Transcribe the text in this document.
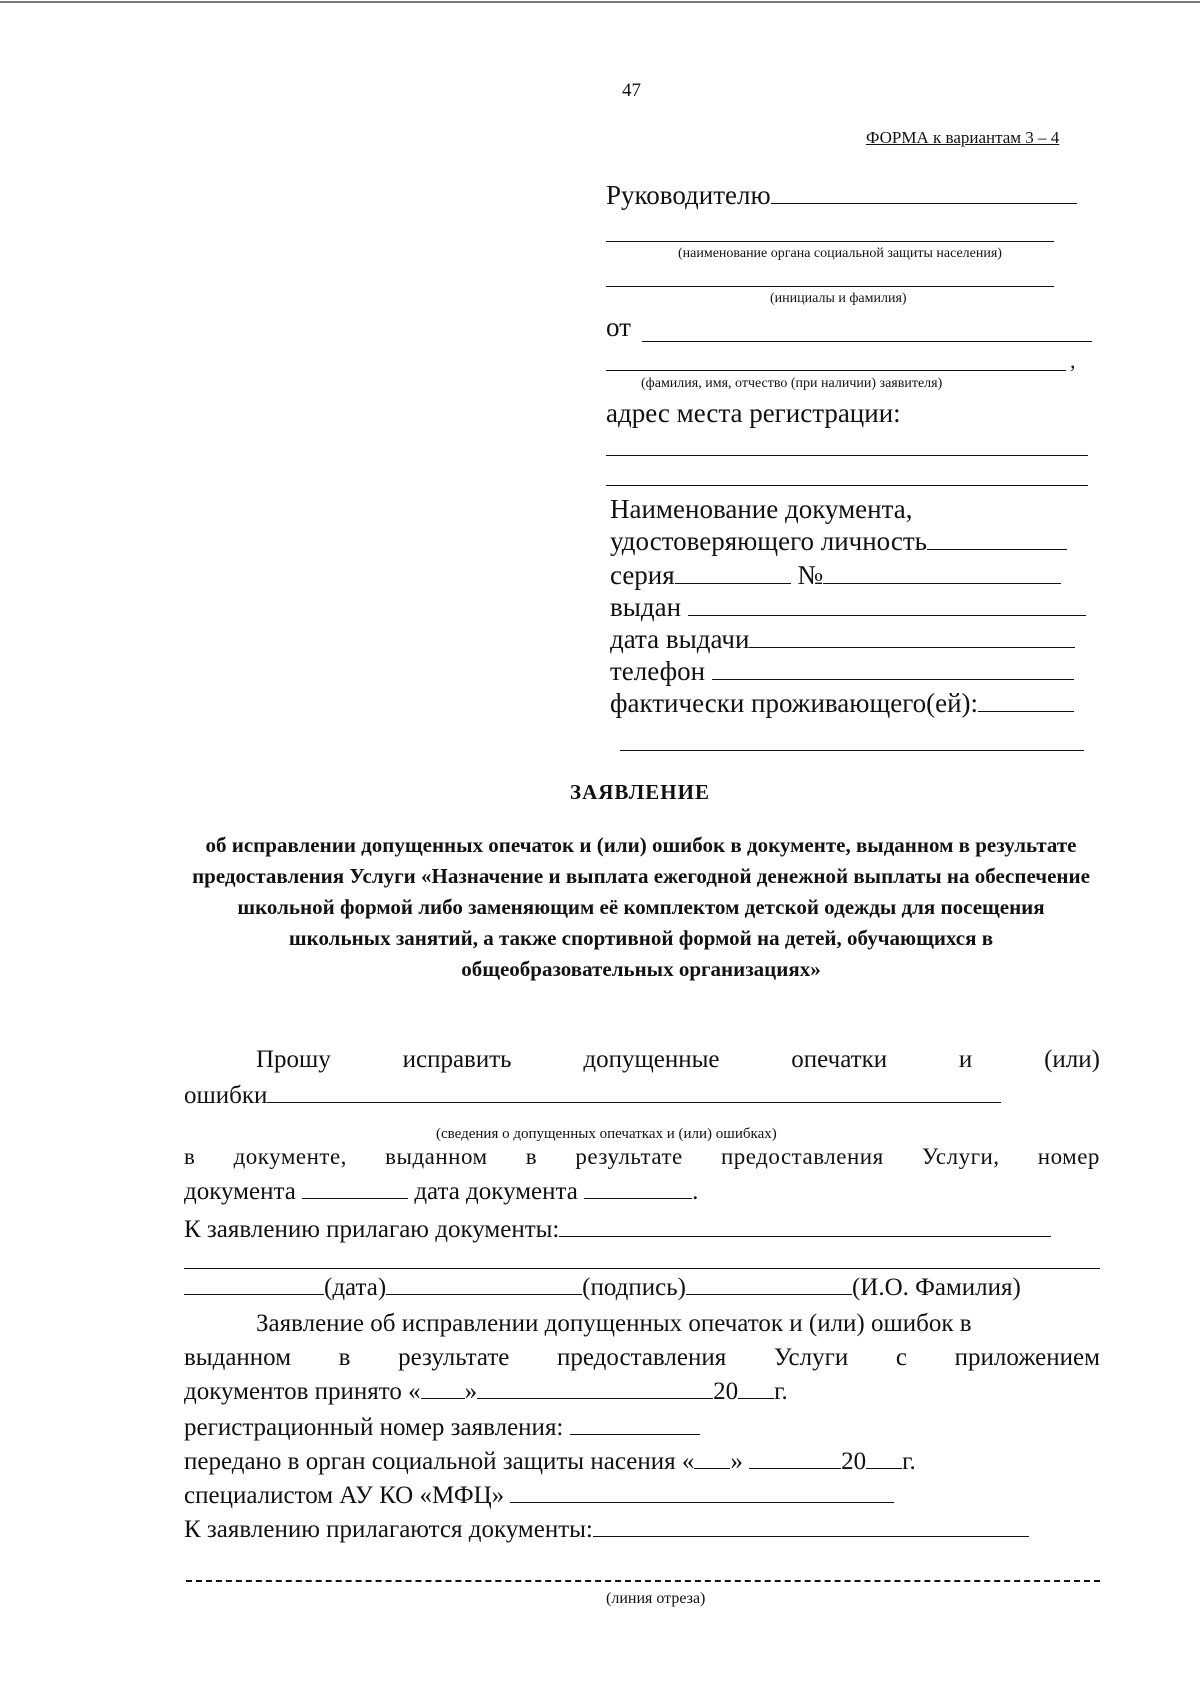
47
ФОРМА к вариантам 3 – 4
Руководителю
(наименование органа социальной защиты населения)
(инициалы и фамилия)
от
,
(фамилия, имя, отчество (при наличии) заявителя)
адрес места регистрации:
Наименование документа,
удостоверяющего личность
серия	№
выдан
дата выдачи
телефон
фактически проживающего(ей):
ЗАЯВЛЕНИЕ
об исправлении допущенных опечаток и (или) ошибок в документе, выданном в результате предоставления Услуги «Назначение и выплата ежегодной денежной выплаты на обеспечение школьной формой либо заменяющим её комплектом детской одежды для посещения школьных занятий, а также спортивной формой на детей, обучающихся в общеобразовательных организациях»
Прошу	исправить	допущенные	опечатки	и	(или)
ошибки
(сведения о допущенных опечатках и (или) ошибках)
в документе, выданном в результате предоставления Услуги, номер
документа	дата документа	.
К заявлению прилагаю документы:
(дата)	(подпись)	(И.О. Фамилия)
Заявление об исправлении допущенных опечаток и (или) ошибок в
выданном в результате предоставления Услуги с приложением
документов принято « »	20 г.
регистрационный номер заявления:
передано в орган социальной защиты насения « »	20 г.
специалистом АУ КО «МФЦ»
К заявлению прилагаются документы:
(линия отреза)
